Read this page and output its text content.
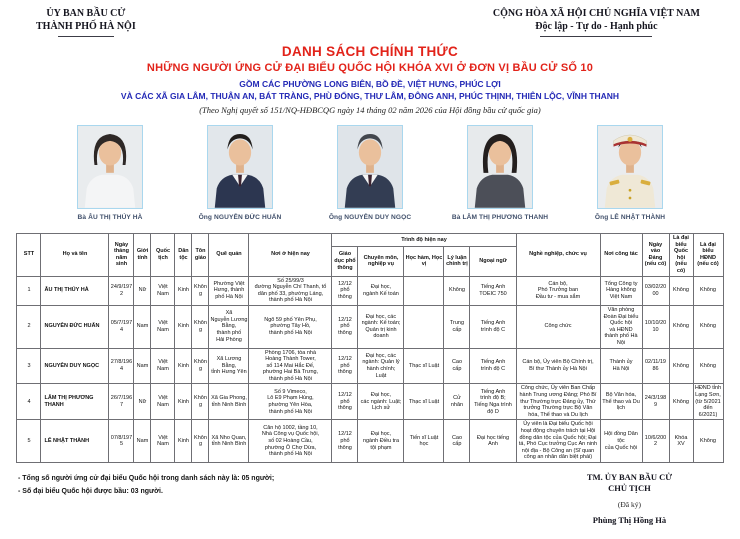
ỦY BAN BẦU CỬ
THÀNH PHỐ HÀ NỘI
CỘNG HÒA XÃ HỘI CHỦ NGHĨA VIỆT NAM
Độc lập - Tự do - Hạnh phúc
DANH SÁCH CHÍNH THỨC
NHỮNG NGƯỜI ỨNG CỬ ĐẠI BIỂU QUỐC HỘI KHÓA XVI Ở ĐƠN VỊ BẦU CỬ SỐ 10
GỒM CÁC PHƯỜNG LONG BIÊN, BỒ ĐỀ, VIỆT HƯNG, PHÚC LỢI
VÀ CÁC XÃ GIA LÂM, THUẬN AN, BÁT TRÀNG, PHÙ ĐỔNG, THƯ LÂM, ĐÔNG ANH, PHÚC THỊNH, THIÊN LỘC, VĨNH THANH
(Theo Nghị quyết số 151/NQ-HĐBCQG ngày 14 tháng 02 năm 2026 của Hội đồng bầu cử quốc gia)
Bà ÂU THỊ THÚY HÀ	Ông NGUYỄN ĐỨC HUẤN	Ông NGUYỄN DUY NGỌC	Bà LÂM THỊ PHƯƠNG THANH	Ông LÊ NHẬT THÀNH
STT	Họ và tên	Ngày tháng năm sinh	Giới tính	Quốc tịch	Dân tộc	Tôn giáo	Quê quán	Nơi ở hiện nay	Trình độ hiện nay					Nghề nghiệp, chức vụ	Nơi công tác	Ngày vào Đảng (nếu có)	Là đại biểu Quốc hội (nếu có)	Là đại biểu HĐND (nếu có)
									Giáo dục phổ thông	Chuyên môn, nghiệp vụ	Học hàm, Học vị	Lý luận chính trị	Ngoại ngữ					
1	ÂU THỊ THÚY HÀ	24/9/1972	Nữ	Việt Nam	Kinh	Không	Phường Việt Hưng, thành phố Hà Nội	Số 25/99/3
đường Nguyễn Chí Thanh, tổ dân phố 33, phường Láng, thành phố Hà Nội	12/12
phổ thông	Đại học,
ngành Kế toán		Không	Tiếng Anh
TOEIC 750	Cán bộ,
Phó Trưởng ban
Đầu tư - mua sắm	Tổng Công ty
Hàng không
Việt Nam	03/02/2000	Không	Không
2	NGUYỄN ĐỨC HUẤN	05/7/1974	Nam	Việt Nam	Kinh	Không	Xã
Nguyễn Lương Bằng,
thành phố
Hải Phòng	Ngõ 59 phố Yên Phụ,
phường Tây Hồ,
thành phố Hà Nội	12/12
phổ thông	Đại học, các ngành: Kế toán; Quản trị kinh doanh		Trung
cấp	Tiếng Anh
trình độ C	Công chức	Văn phòng
Đoàn Đại biểu
Quốc hội
và HĐND
thành phố Hà Nội	10/10/2010	Không	Không
3	NGUYỄN DUY NGỌC	27/8/1964	Nam	Việt Nam	Kinh	Không	Xã Lương Bằng,
tỉnh Hưng Yên	Phòng 1706, tòa nhà
Hoàng Thành Tower,
số 114 Mai Hắc Đế,
phường Hai Bà Trưng,
thành phố Hà Nội	12/12
phổ thông	Đại học, các ngành: Quản lý
hành chính;
Luật	Thạc sĩ Luật	Cao
cấp	Tiếng Anh
trình độ C	Cán bộ, Ủy viên Bộ Chính trị,
Bí thư Thành ủy Hà Nội	Thành ủy
Hà Nội	02/11/1986	Không	Không
4	LÂM THỊ PHƯƠNG THANH	26/7/1967	Nữ	Việt Nam	Kinh	Không	Xã Gia Phong,
tỉnh Ninh Bình	Số 9 Vimeco,
Lô E9 Phạm Hùng,
phường Yên Hòa,
thành phố Hà Nội	12/12
phổ thông	Đại học,
các ngành: Luật;
Lịch sử	Thạc sĩ Luật	Cử
nhân	Tiếng Anh
trình độ B;
Tiếng Nga trình độ D	Công chức, Ủy viên Ban Chấp hành Trung ương Đảng; Phó Bí thư Thường trực Đảng ủy, Thứ trưởng Thường trực Bộ Văn hóa, Thể thao và Du lịch	Bộ Văn hóa, Thể thao và Du lịch	24/3/1989	Không	HĐND tỉnh
Lạng Sơn,
(từ 5/2021
đến 6/2021)
5	LÊ NHẬT THÀNH	07/8/1975	Nam	Việt Nam	Kinh	Không	Xã Nho Quan,
tỉnh Ninh Bình	Căn hộ 1002, tầng 10,
Nhà Công vụ Quốc hội,
số 02 Hoàng Cầu,
phường Ô Chợ Dừa,
thành phố Hà Nội	12/12
phổ thông	Đại học,
ngành Điều tra
tội phạm	Tiến sĩ Luật học	Cao
cấp	Đại học tiếng Anh	Ủy viên là Đại biểu Quốc hội hoạt động chuyên trách tại Hội đồng dân tộc của Quốc hội; Đại tá, Phó Cục trưởng Cục An ninh nội địa - Bộ Công an (Sĩ quan công an nhân dân biệt phái)	Hội đồng Dân tộc
của Quốc hội	10/6/2002	Khóa XV	Không
- Tổng số người ứng cử đại biểu Quốc hội trong danh sách này là: 05 người;
- Số đại biểu Quốc hội được bầu: 03 người.
TM. ỦY BAN BẦU CỬ
CHỦ TỊCH
(Đã ký)
Phùng Thị Hồng Hà
